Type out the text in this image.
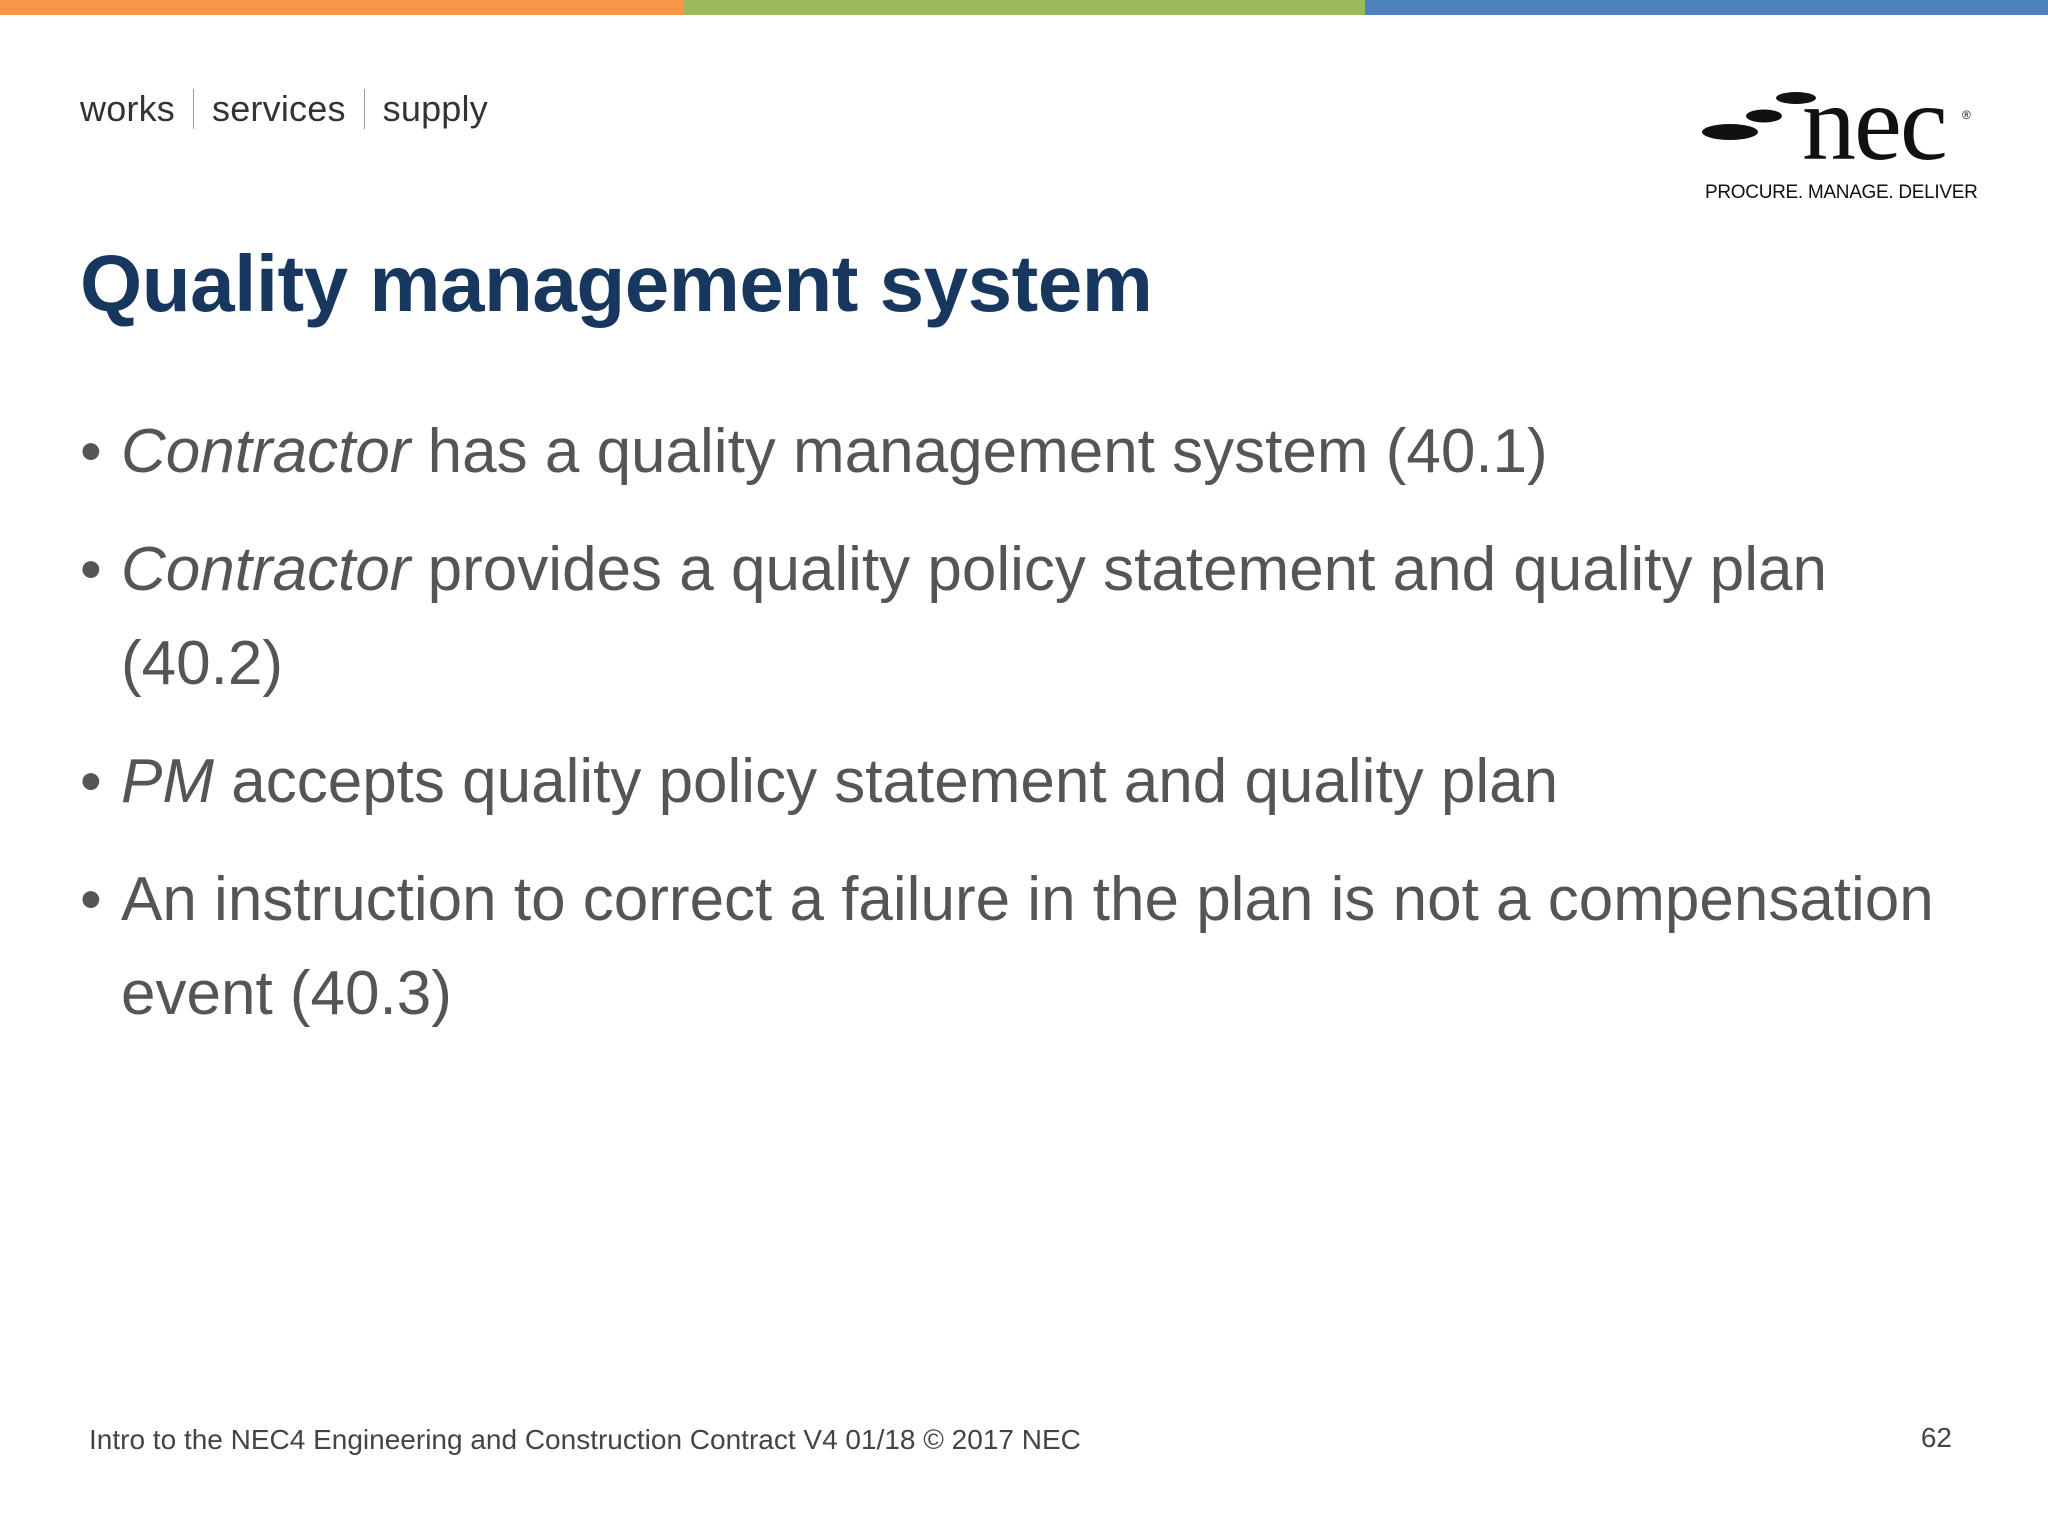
works services supply	nec ®
PROCURE. MANAGE. DELIVER
Quality management system
• Contractor has a quality management system (40.1)
• Contractor provides a quality policy statement and quality plan (40.2)
• PM accepts quality policy statement and quality plan
• An instruction to correct a failure in the plan is not a compensation event (40.3)
Intro to the NEC4 Engineering and Construction Contract V4 01/18 © 2017 NEC	62
